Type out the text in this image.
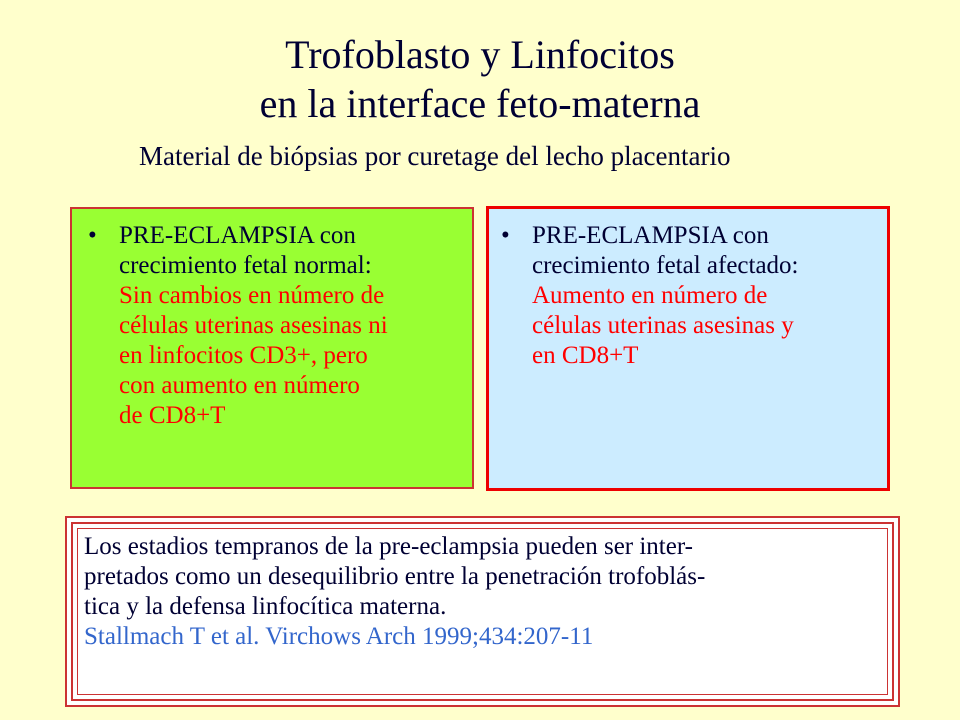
Trofoblasto y Linfocitos
en la interface feto-materna
Material de biópsias por curetage del lecho placentario
• PRE-ECLAMPSIA con
crecimiento fetal normal:
Sin cambios en número de
células uterinas asesinas ni
en linfocitos CD3+, pero
con aumento en número
de CD8+T
• PRE-ECLAMPSIA con
crecimiento fetal afectado:
Aumento en número de
células uterinas asesinas y
en CD8+T
Los estadios tempranos de la pre-eclampsia pueden ser inter-
pretados como un desequilibrio entre la penetración trofoblás-
tica y la defensa linfocítica materna.
Stallmach T et al. Virchows Arch 1999;434:207-11
